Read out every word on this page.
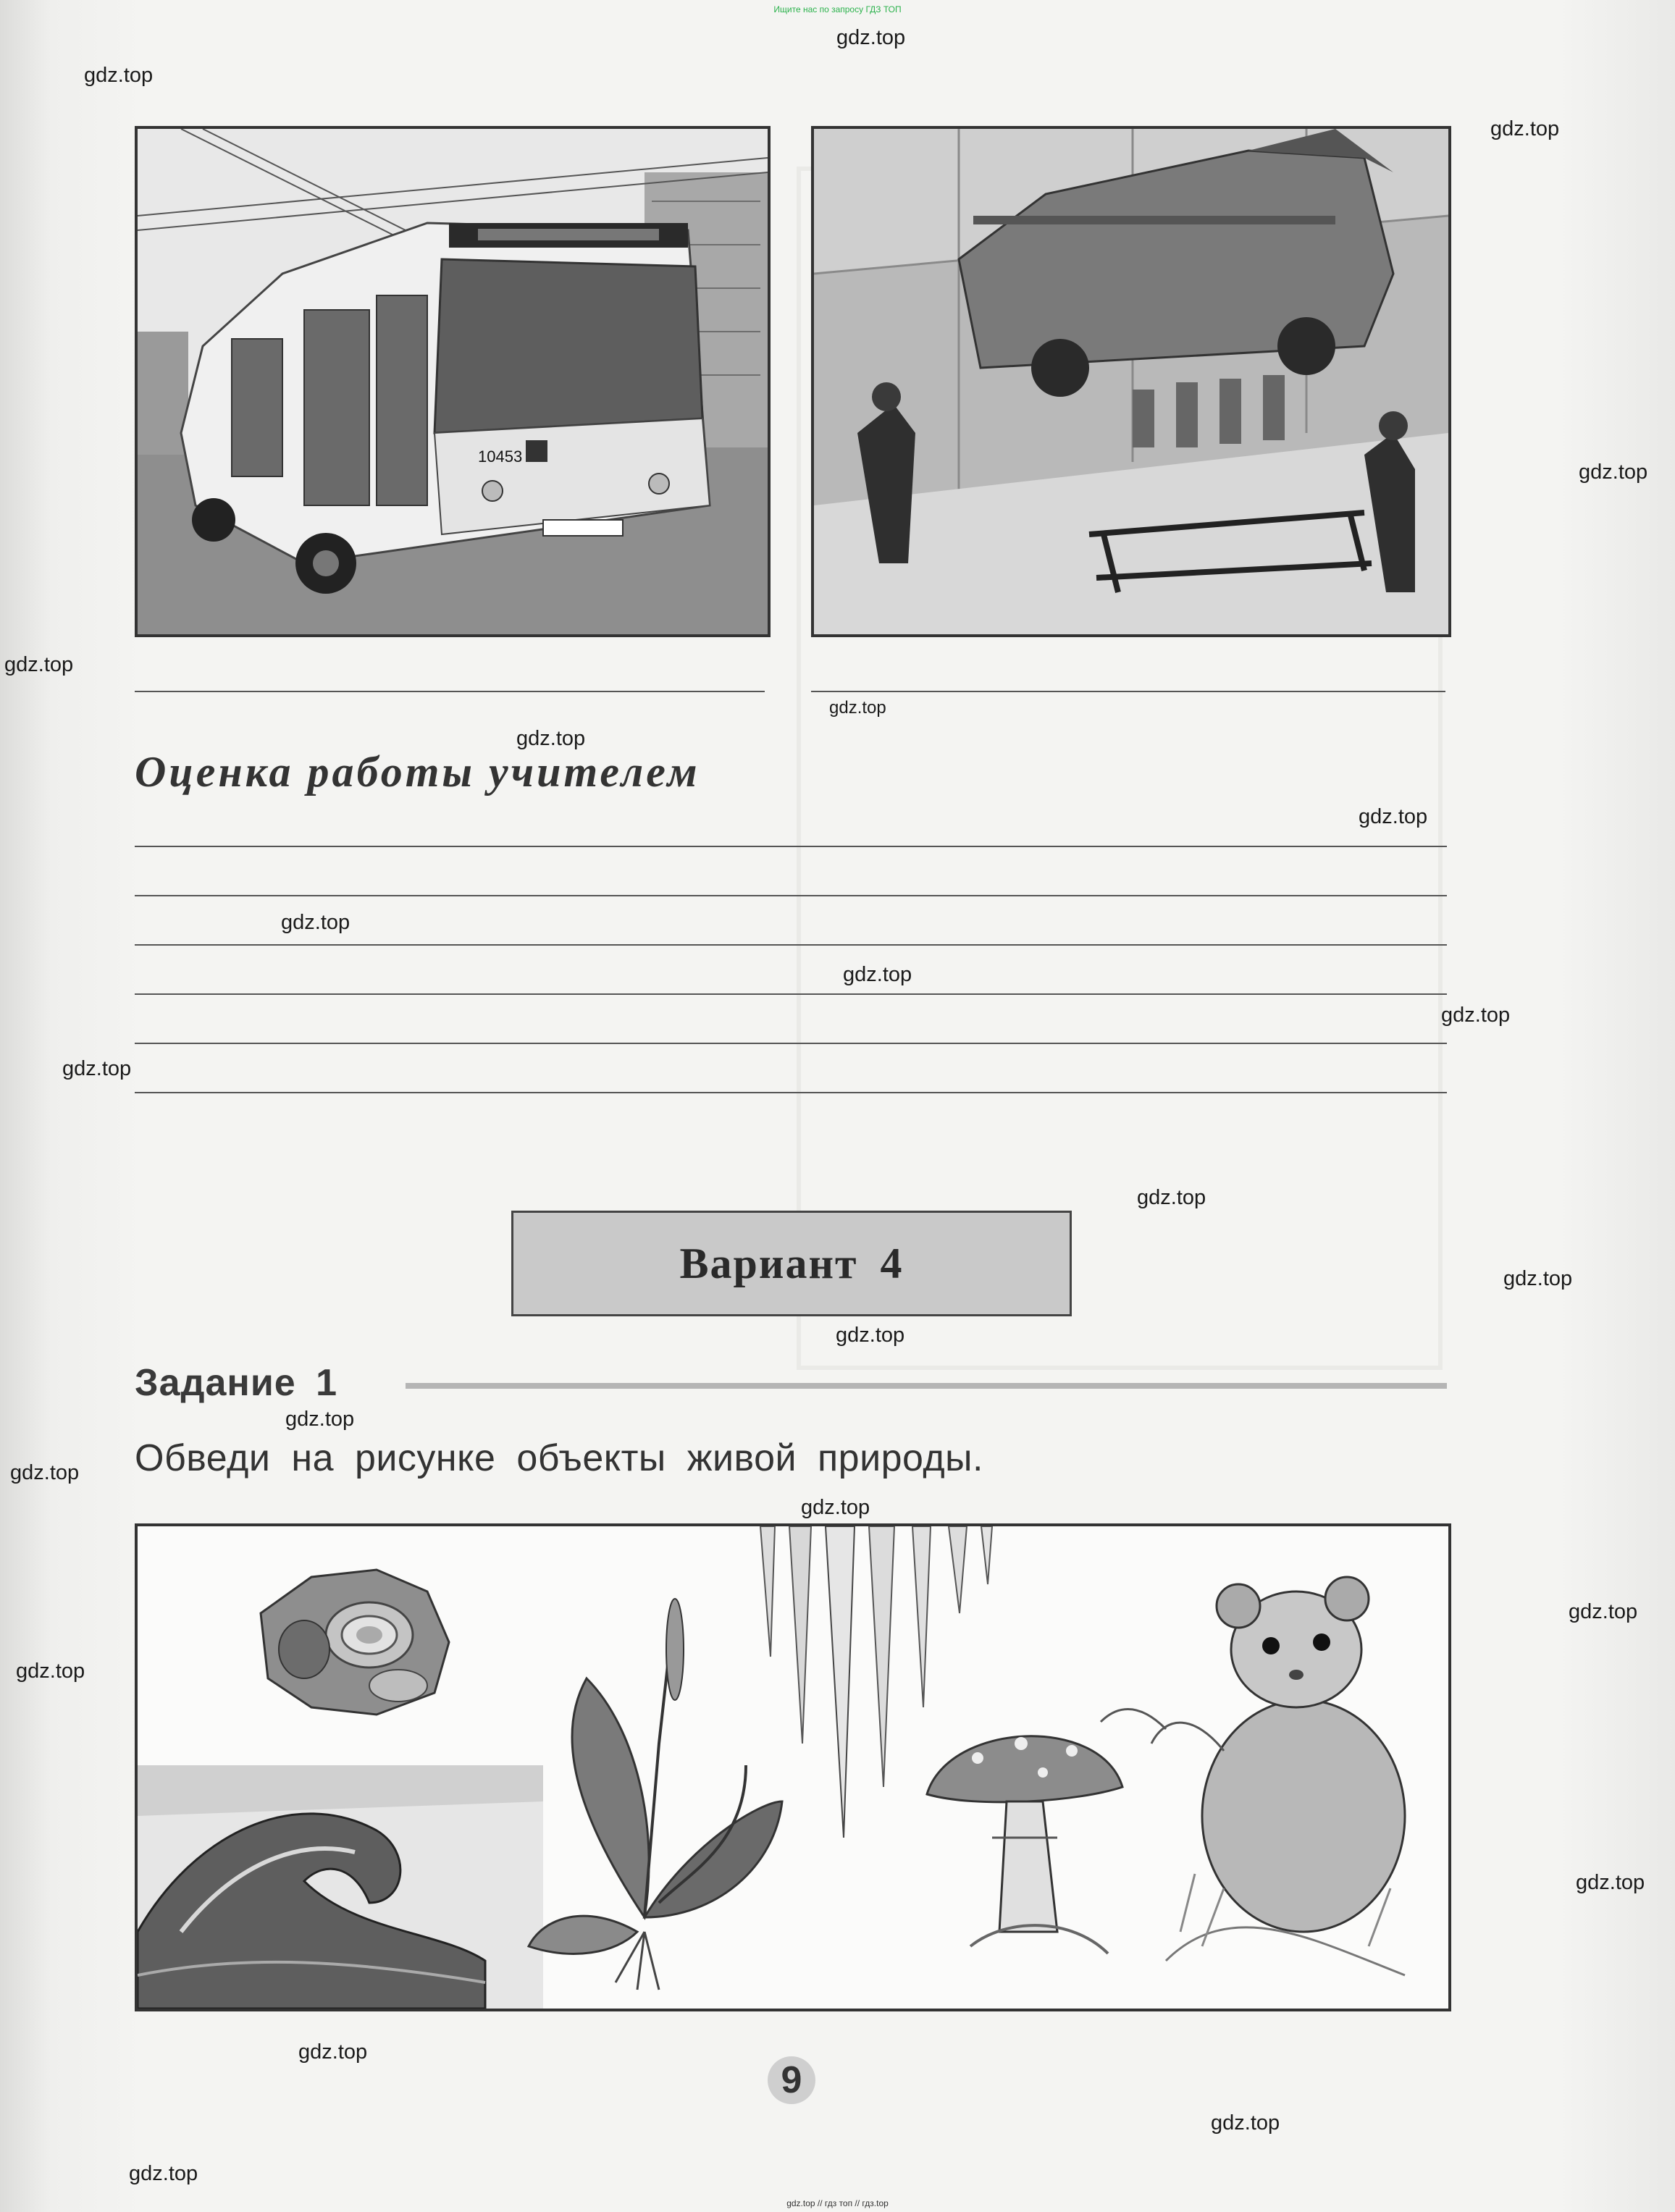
Ищите нас по запросу ГДЗ ТОП
gdz.top
gdz.top
gdz.top
gdz.top
gdz.top
gdz.top
gdz.top
gdz.top
gdz.top
gdz.top
gdz.top
gdz.top
gdz.top
gdz.top
gdz.top
gdz.top
gdz.top
gdz.top
gdz.top
gdz.top
gdz.top
gdz.top
gdz.top
gdz.top
10453
Оценка работы учителем
Вариант 4
Задание 1
Обведи на рисунке объекты живой природы.
9
gdz.top // гдз топ // гдз.top
